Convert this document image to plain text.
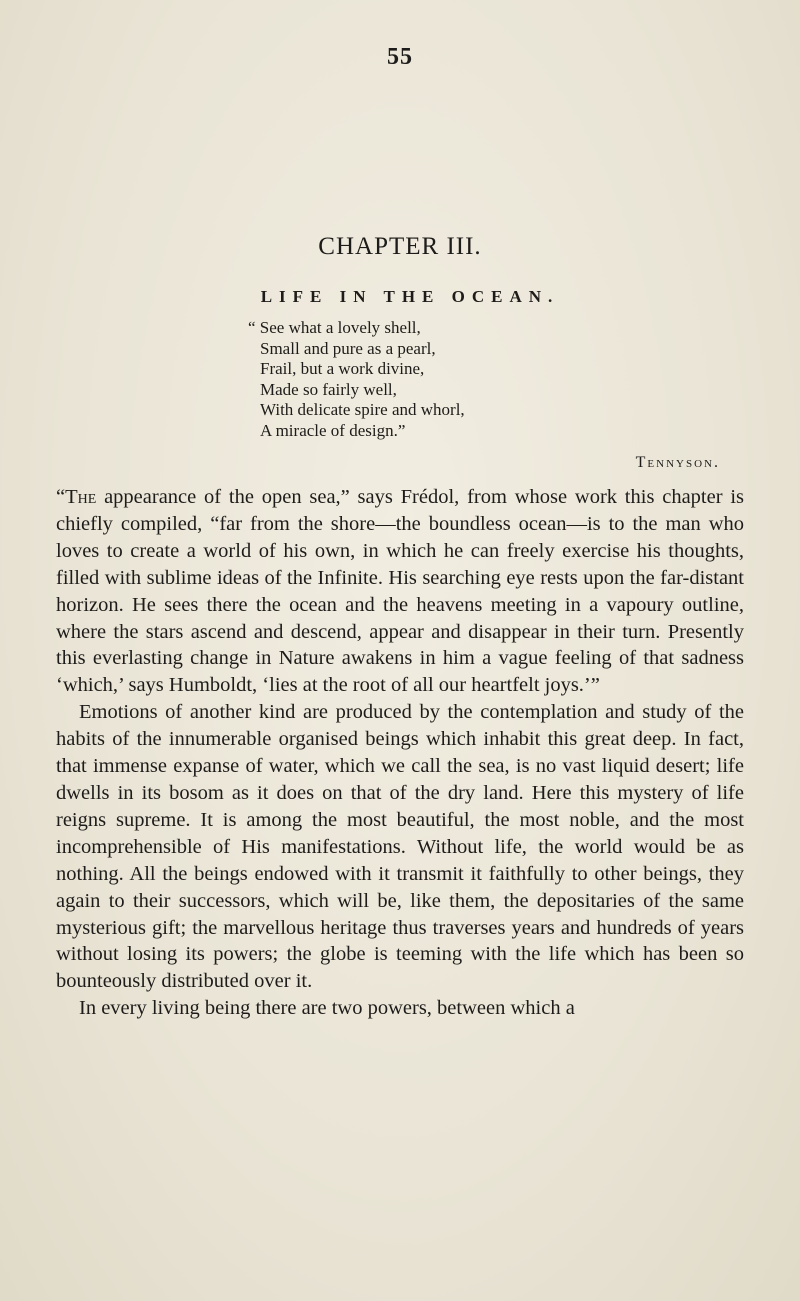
55
CHAPTER III.
LIFE IN THE OCEAN.
“ See what a lovely shell,
Small and pure as a pearl,
Frail, but a work divine,
Made so fairly well,
With delicate spire and whorl,
A miracle of design.”
Tennyson.

“The appearance of the open sea,” says Frédol, from whose work this chapter is chiefly compiled, “far from the shore—the boundless ocean—is to the man who loves to create a world of his own, in which he can freely exercise his thoughts, filled with sublime ideas of the Infinite. His searching eye rests upon the far-distant horizon. He sees there the ocean and the heavens meeting in a vapoury outline, where the stars ascend and descend, appear and disappear in their turn. Presently this everlasting change in Nature awakens in him a vague feeling of that sadness ‘which,’ says Humboldt, ‘lies at the root of all our heartfelt joys.’”

Emotions of another kind are produced by the contemplation and study of the habits of the innumerable organised beings which inhabit this great deep. In fact, that immense expanse of water, which we call the sea, is no vast liquid desert; life dwells in its bosom as it does on that of the dry land. Here this mystery of life reigns supreme. It is among the most beautiful, the most noble, and the most incomprehensible of His manifestations. Without life, the world would be as nothing. All the beings endowed with it transmit it faithfully to other beings, they again to their successors, which will be, like them, the depositaries of the same mysterious gift; the marvellous heritage thus traverses years and hundreds of years without losing its powers; the globe is teeming with the life which has been so bounteously distributed over it.

In every living being there are two powers, between which a
